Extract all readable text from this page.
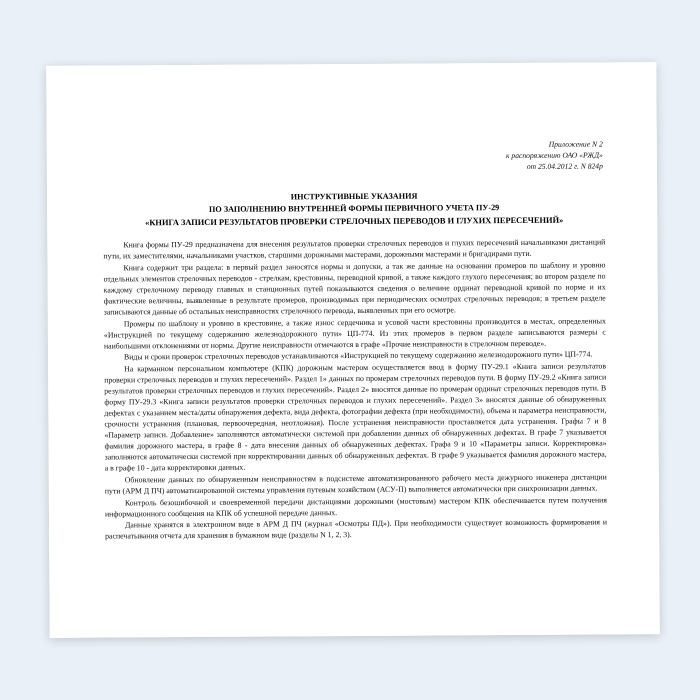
Приложение N 2
к распоряжению ОАО «РЖД»
от 25.04.2012 г. N 824р
ИНСТРУКТИВНЫЕ УКАЗАНИЯ
ПО ЗАПОЛНЕНИЮ ВНУТРЕННЕЙ ФОРМЫ ПЕРВИЧНОГО УЧЕТА ПУ-29
«КНИГА ЗАПИСИ РЕЗУЛЬТАТОВ ПРОВЕРКИ СТРЕЛОЧНЫХ ПЕРЕВОДОВ И ГЛУХИХ ПЕРЕСЕЧЕНИЙ»

Книга формы ПУ-29 предназначена для внесения результатов проверки стрелочных переводов и глухих пересечений начальниками дистанций пути, их заместителями, начальниками участков, старшими дорожными мастерами, дорожными мастерами и бригадирами пути.

Книга содержит три раздела: в первый раздел заносятся нормы и допуски, а так же данные на основании промеров по шаблону и уровню отдельных элементов стрелочных переводов - стрелкам, крестовины, переводной кривой, а также каждого глухого пересечения; во втором разделе по каждому стрелочному переводу главных и станционных путей показываются сведения о величине ординат переводной кривой по норме и их фактические величины, выявленные в результате промеров, производимых при периодических осмотрах стрелочных переводов; в третьем разделе записываются данные об остальных неисправностях стрелочного перевода, выявленных при его осмотре.

Промеры по шаблону и уровню в крестовине, а также износ сердечника и усовой части крестовины производится в местах, определенных «Инструкцией по текущему содержанию железнодорожного пути» ЦП-774. Из этих промеров в первом разделе записываются размеры с наибольшими отклонениями от нормы. Другие неисправности отмечаются в графе «Прочие неисправности в стрелочном переводе».

Виды и сроки проверок стрелочных переводов устанавливаются «Инструкцией по текущему содержанию железнодорожного пути» ЦП-774.

На карманном персональном компьютере (КПК) дорожным мастером осуществляется ввод в форму ПУ-29.1 «Книга записи результатов проверки стрелочных переводов и глухих пересечений». Раздел 1» данных по промерам стрелочных переводов пути. В форму ПУ-29.2 «Книга записи результатов проверки стрелочных переводов и глухих пересечений». Раздел 2» вносятся данные по промерам ординат стрелочных переводов пути. В форму ПУ-29.3 «Книга записи результатов проверки стрелочных переводов и глухих пересечений». Раздел 3» вносятся данные об обнаруженных дефектах с указанием места/даты обнаружения дефекта, вида дефекта, фотографии дефекта (при необходимости), объема и параметра неисправности, срочности устранения (плановая, первоочередная, неотложная). После устранения неисправности проставляется дата устранения. Графы 7 и 8 «Параметр записи. Добавление» заполняются автоматически системой при добавлении данных об обнаруженных дефектах. В графе 7 указывается фамилия дорожного мастера, в графе 8 - дата внесения данных об обнаруженных дефектах. Графа 9 и 10 «Параметры записи. Корректировка» заполняются автоматически системой при корректировании данных об обнаруженных дефектах. В графе 9 указывается фамилия дорожного мастера, а в графе 10 - дата корректировки данных.

Обновление данных по обнаруженным неисправностям в подсистеме автоматизированного рабочего места дежурного инженера дистанции пути (АРМ Д ПЧ) автоматизированной системы управления путевым хозяйством (АСУ-П) выполняется автоматически при синхронизации данных.

Контроль безошибочной и своевременной передачи дистанциями дорожными (мостовым) мастером КПК обеспечивается путем получения информационного сообщения на КПК об успешной передаче данных.

Данные хранятся в электронном виде в АРМ Д ПЧ (журнал «Осмотры ПД»). При необходимости существует возможность формирования и распечатывания отчета для хранения в бумажном виде (разделы N 1, 2, 3).
